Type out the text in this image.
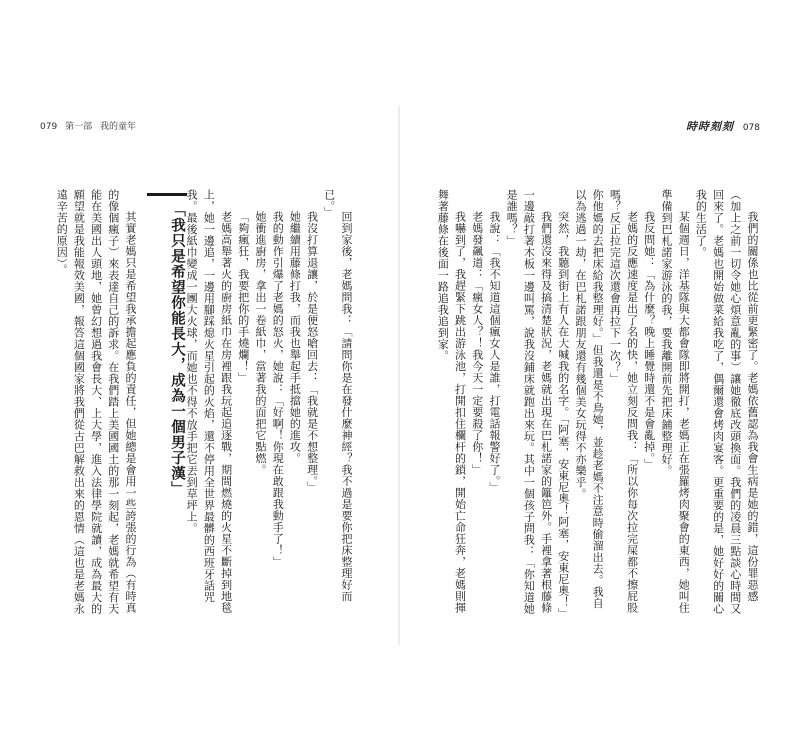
079 第一部 我的童年	時時刻刻 078

我們的關係也比從前更緊密了。老媽依舊認為我會生病是她的錯，這份罪惡感（加上之前一切令她心煩意亂的事）讓她徹底改頭換面。我們的凌晨三點談心時間又回來了。老媽也開始做菜給我吃了，偶爾還會烤肉宴客。更重要的是，她好好的關心我的生活了。

某個週日，洋基隊與大都會隊即將開打，老媽正在張羅烤肉聚會的東西，她叫住準備到巴札諾家游泳的我，要我離開前先把床鋪整理好。

我反問她：「為什麼？晚上睡覺時還不是會亂掉。」

老媽的反應速度是出了名的快，她立刻反問我：「所以你每次拉完屎都不擦屁股嗎？反正拉完這次還會再拉下一次？」

你他媽的去把床給我整理好。」但我還是不鳥她，並趁老媽不注意時偷溜出去。我自以為逃過一劫，在巴札諾跟朋友還有幾個美女玩得不亦樂乎。

突然，我聽到街上有人在大喊我的名字。「阿塞，安東尼奧！阿塞，安東尼奧！」

我們還沒來得及搞清楚狀況，老媽就出現在巴札諾家的籬笆外。手裡拿著根藤條一邊敲打著木板一邊叫罵，說我沒鋪床就跑出來玩。其中一個孩子問我：「你知道她是誰嗎？」

我說：「我不知道這個瘋女人是誰，打電話報警好了。」

老媽發飆道：「瘋女人？！我今天一定要殺了你！」

我嚇到了，我趕緊下跳出游泳池，打開扣住欄杆的鎖，開始亡命狂奔，老媽則揮舞著藤條在後面一路追我追到家。

回到家後，老媽問我：「請問你是在發什麼神經？我不過是要你把床整理好而已。」

我沒打算退讓，於是便怒嗆回去：「我就是不想整理。」

她繼續用藤條打我，而我也舉起手抵擋她的進攻。

我的動作引爆了老媽的怒火，她說：「好啊！你現在敢跟我動手了！」

她衝進廚房，拿出一卷紙巾，當著我的面把它點燃。

「夠瘋狂，我要把你的手燒爛！」

老媽高舉著火的廚房紙巾在房裡跟我玩起追逐戰，期間燃燒的火星不斷掉到地毯上，她一邊追，一邊用腳踩熄火星引起的火焰，還不停用全世界最髒的西班牙話咒我。最後紙巾變成一團大火球，而她也不得不放手把它丟到草坪上。

「我只是希望你能長大，成為一個男子漢」

其實老媽只是希望我承擔起應負的責任，但她總是會用一些誇張的行為（有時真的像個瘋子）來表達自己的訴求。在我們踏上美國國土的那一刻起，老媽就希望有天能在美國出人頭地，她曾幻想過我會長大、上大學，進入法律學院就讀，成為最大的願望就是我能報效美國，報答這個國家將我們從古巴解救出來的恩情（這也是老媽永遠辛苦的原因）。
